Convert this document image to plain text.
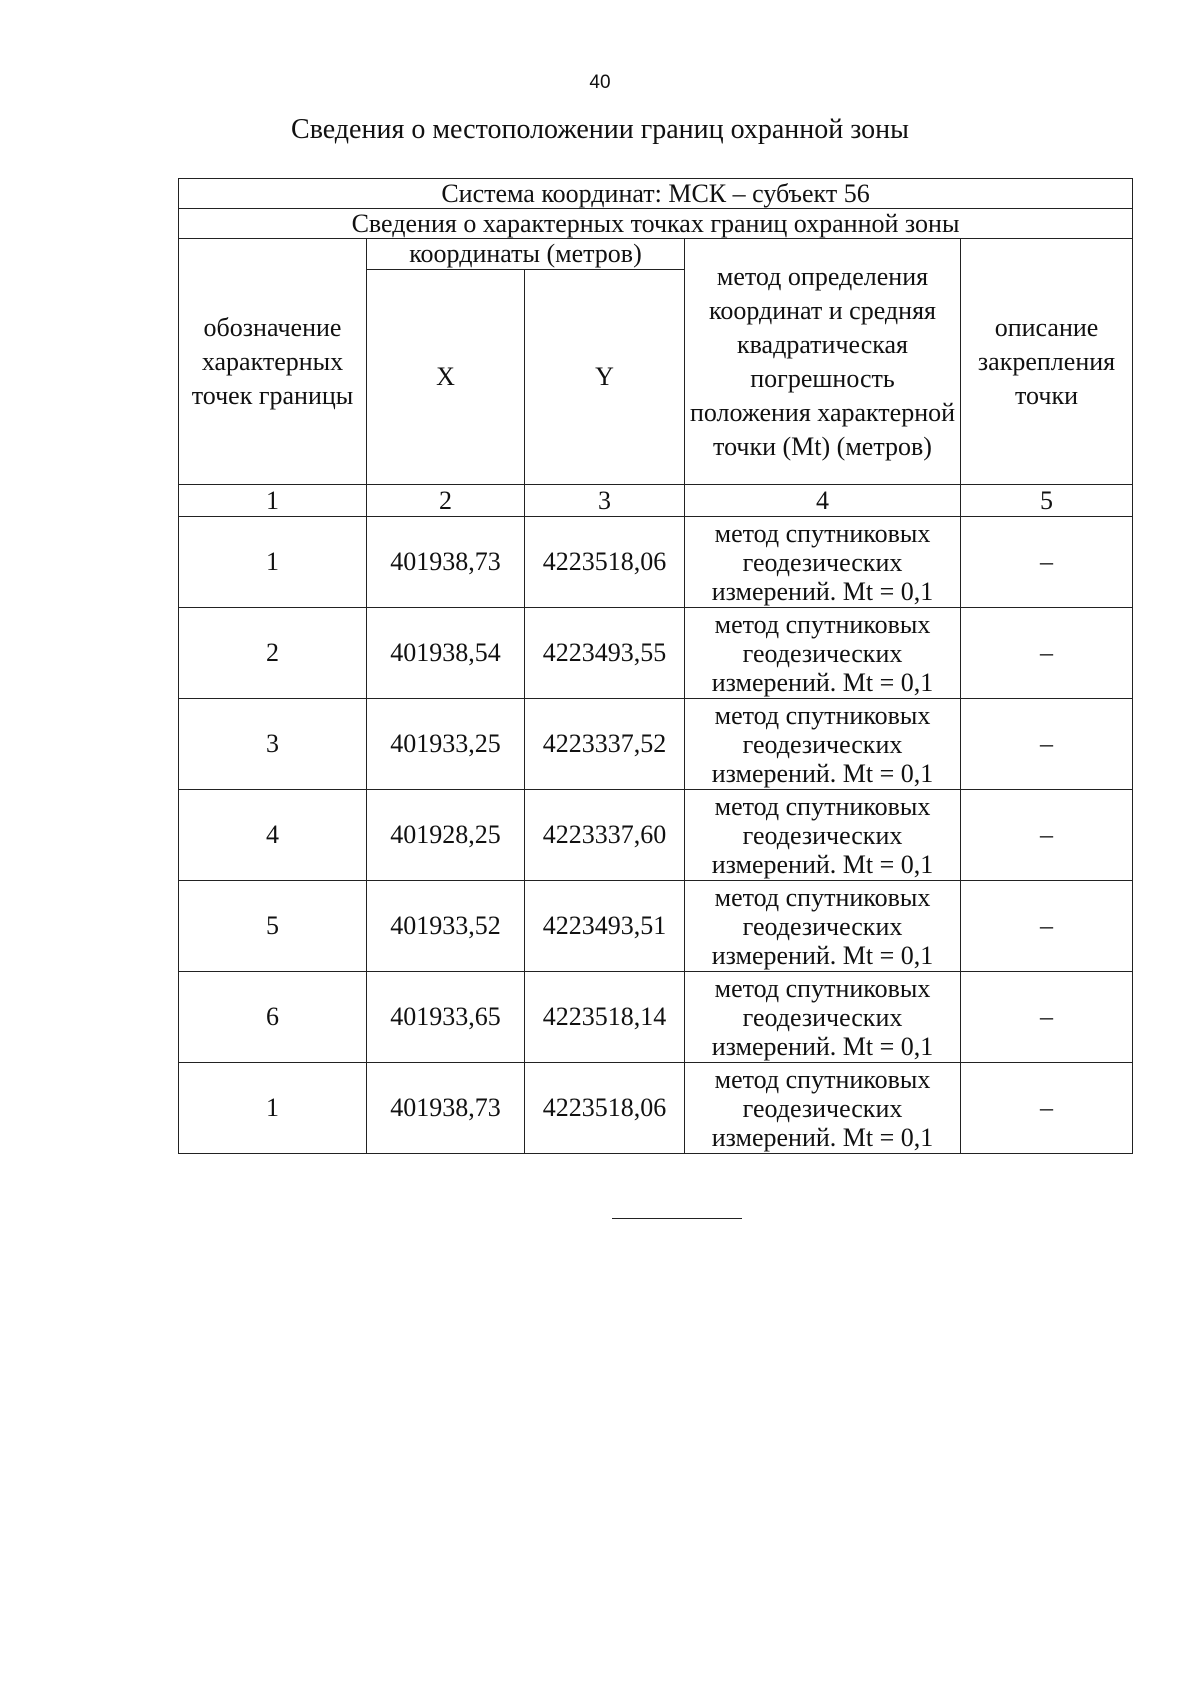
40
Сведения о местоположении границ охранной зоны
Система координат: МСК – субъект 56				
Сведения о характерных точках границ охранной зоны				
обозначение характерных точек границы	координаты (метров)		метод определения координат и средняя квадратическая погрешность положения характерной точки (Mt) (метров)	описание закрепления точки
	X	Y		
1	2	3	4	5
1	401938,73	4223518,06	метод спутниковых геодезических измерений. Mt = 0,1	–
2	401938,54	4223493,55	метод спутниковых геодезических измерений. Mt = 0,1	–
3	401933,25	4223337,52	метод спутниковых геодезических измерений. Mt = 0,1	–
4	401928,25	4223337,60	метод спутниковых геодезических измерений. Mt = 0,1	–
5	401933,52	4223493,51	метод спутниковых геодезических измерений. Mt = 0,1	–
6	401933,65	4223518,14	метод спутниковых геодезических измерений. Mt = 0,1	–
1	401938,73	4223518,06	метод спутниковых геодезических измерений. Mt = 0,1	–
